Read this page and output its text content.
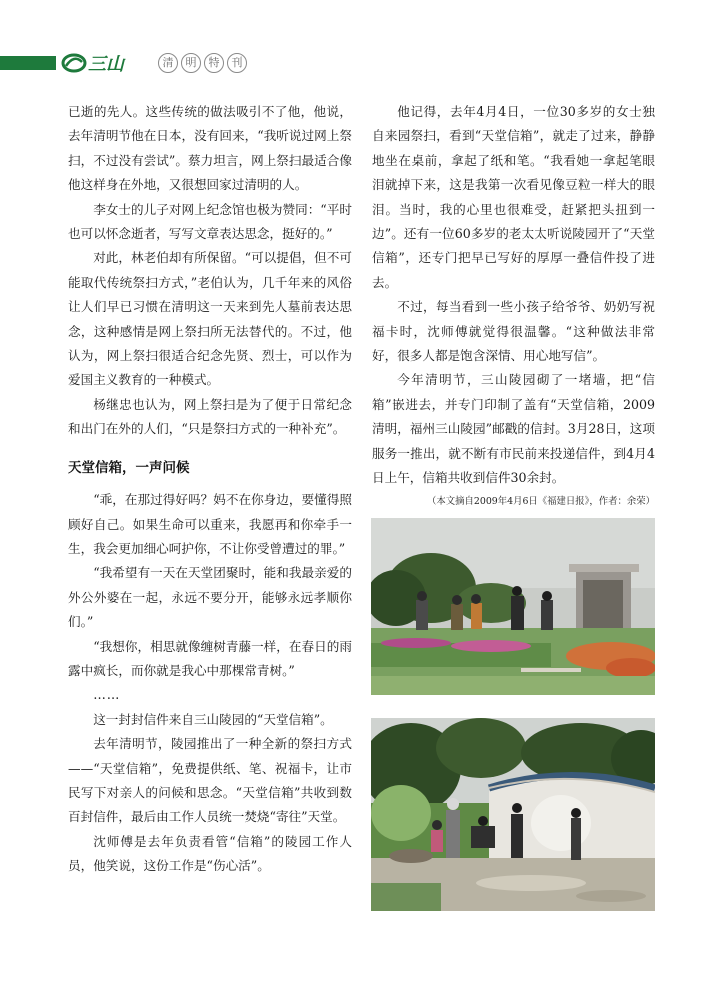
三山	清	明	特	刊

已逝的先人。这些传统的做法吸引不了他，他说，去年清明节他在日本，没有回来，“我听说过网上祭扫，不过没有尝试”。蔡力坦言，网上祭扫最适合像他这样身在外地，又很想回家过清明的人。

李女士的儿子对网上纪念馆也极为赞同：“平时也可以怀念逝者，写写文章表达思念，挺好的。”

对此，林老伯却有所保留。“可以提倡，但不可能取代传统祭扫方式，”老伯认为，几千年来的风俗让人们早已习惯在清明这一天来到先人墓前表达思念，这种感情是网上祭扫所无法替代的。不过，他认为，网上祭扫很适合纪念先贤、烈士，可以作为爱国主义教育的一种模式。

杨继忠也认为，网上祭扫是为了便于日常纪念和出门在外的人们，“只是祭扫方式的一种补充”。

天堂信箱，一声问候

“乖，在那过得好吗？妈不在你身边，要懂得照顾好自己。如果生命可以重来，我愿再和你牵手一生，我会更加细心呵护你，不让你受曾遭过的罪。”

“我希望有一天在天堂团聚时，能和我最亲爱的外公外婆在一起，永远不要分开，能够永远孝顺你们。”

“我想你，相思就像缠树青藤一样，在春日的雨露中疯长，而你就是我心中那棵常青树。”

……

这一封封信件来自三山陵园的“天堂信箱”。

去年清明节，陵园推出了一种全新的祭扫方式——“天堂信箱”，免费提供纸、笔、祝福卡，让市民写下对亲人的问候和思念。“天堂信箱”共收到数百封信件，最后由工作人员统一焚烧“寄往”天堂。

沈师傅是去年负责看管“信箱”的陵园工作人员，他笑说，这份工作是“伤心活”。

他记得，去年4月4日，一位30多岁的女士独自来园祭扫，看到“天堂信箱”，就走了过来，静静地坐在桌前，拿起了纸和笔。“我看她一拿起笔眼泪就掉下来，这是我第一次看见像豆粒一样大的眼泪。当时，我的心里也很难受，赶紧把头扭到一边”。还有一位60多岁的老太太听说陵园开了“天堂信箱”，还专门把早已写好的厚厚一叠信件投了进去。

不过，每当看到一些小孩子给爷爷、奶奶写祝福卡时，沈师傅就觉得很温馨。“这种做法非常好，很多人都是饱含深情、用心地写信”。

今年清明节，三山陵园砌了一堵墙，把“信箱”嵌进去，并专门印制了盖有“天堂信箱，2009清明，福州三山陵园”邮戳的信封。3月28日，这项服务一推出，就不断有市民前来投递信件，到4月4日上午，信箱共收到信件30余封。

（本文摘自2009年4月6日《福建日报》，作者：余荣）
